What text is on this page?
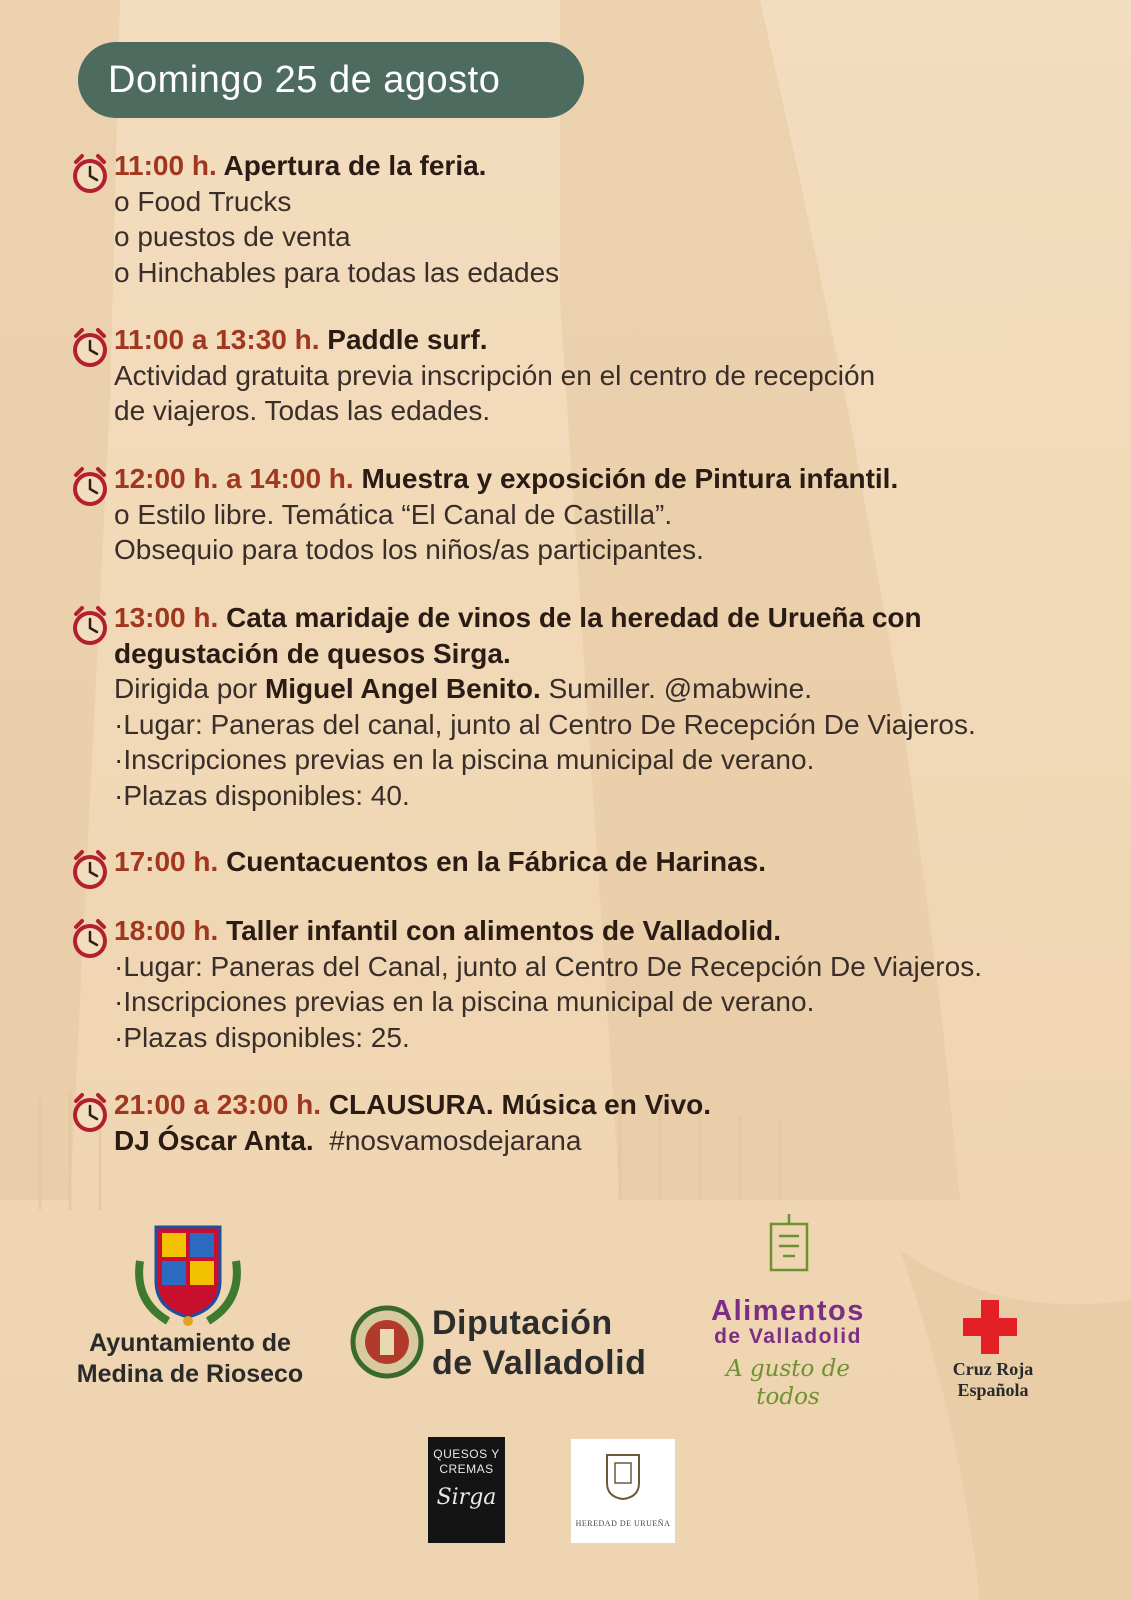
Domingo 25 de agosto
11:00 h. Apertura de la feria.
o Food Trucks
o puestos de venta
o Hinchables para todas las edades
11:00 a 13:30 h. Paddle surf.
Actividad gratuita previa inscripción en el centro de recepción
de viajeros. Todas las edades.
12:00 h. a 14:00 h. Muestra y exposición de Pintura infantil.
o Estilo libre. Temática “El Canal de Castilla”.
Obsequio para todos los niños/as participantes.
13:00 h. Cata maridaje de vinos de la heredad de Urueña con
degustación de quesos Sirga.
Dirigida por Miguel Angel Benito. Sumiller. @mabwine.
·Lugar: Paneras del canal, junto al Centro De Recepción De Viajeros.
·Inscripciones previas en la piscina municipal de verano.
·Plazas disponibles: 40.
17:00 h. Cuentacuentos en la Fábrica de Harinas.
18:00 h. Taller infantil con alimentos de Valladolid.
·Lugar: Paneras del Canal, junto al Centro De Recepción De Viajeros.
·Inscripciones previas en la piscina municipal de verano.
·Plazas disponibles: 25.
21:00 a 23:00 h. CLAUSURA. Música en Vivo.
DJ Óscar Anta. #nosvamosdejarana
Ayuntamiento de
Medina de Rioseco
Diputación
de Valladolid
Alimentos
de Valladolid
A gusto de todos
Cruz Roja Española
QUESOS Y
CREMAS
Sirga
HEREDAD DE URUEÑA
